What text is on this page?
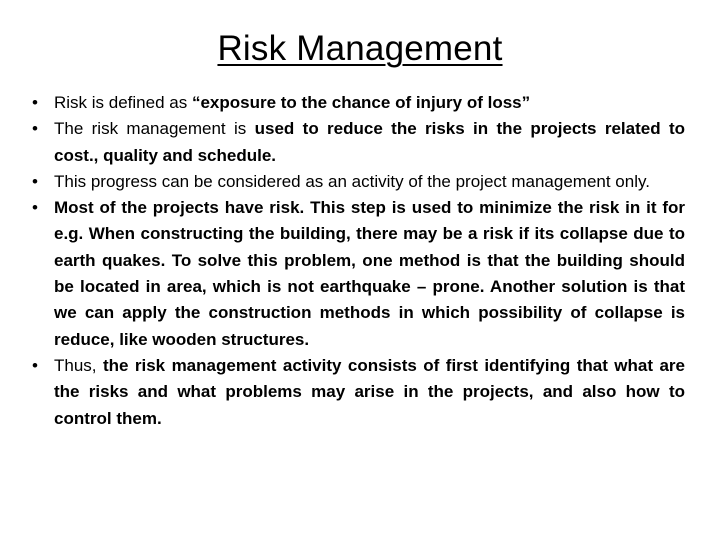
Risk Management
• Risk is defined as “exposure to the chance of injury of loss”
• The risk management is used to reduce the risks in the projects related to cost., quality and schedule.
• This progress can be considered as an activity of the project management only.
• Most of the projects have risk. This step is used to minimize the risk in it for e.g. When constructing the building, there may be a risk if its collapse due to earth quakes. To solve this problem, one method is that the building should be located in area, which is not earthquake – prone. Another solution is that we can apply the construction methods in which possibility of collapse is reduce, like wooden structures.
• Thus, the risk management activity consists of first identifying that what are the risks and what problems may arise in the projects, and also how to control them.
